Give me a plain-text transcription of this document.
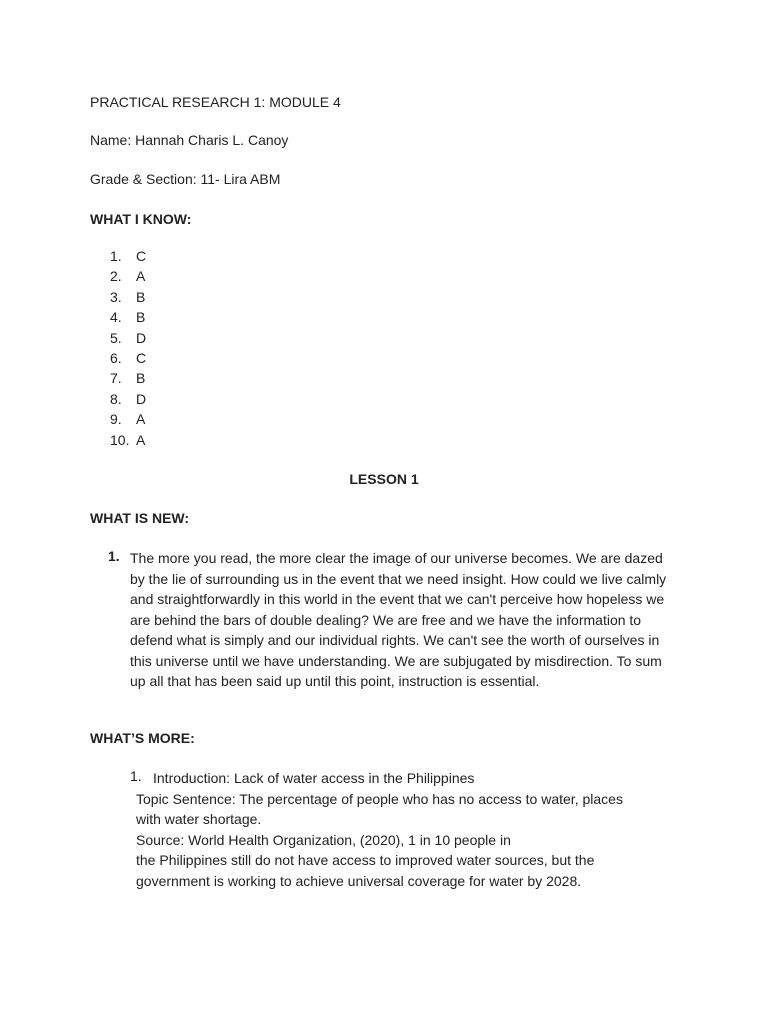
PRACTICAL RESEARCH 1: MODULE 4
Name: Hannah Charis L. Canoy
Grade & Section: 11- Lira ABM
WHAT I KNOW:
1. C
2. A
3. B
4. B
5. D
6. C
7. B
8. D
9. A
10. A
LESSON 1
WHAT IS NEW:
1. The more you read, the more clear the image of our universe becomes. We are dazed by the lie of surrounding us in the event that we need insight. How could we live calmly and straightforwardly in this world in the event that we can't perceive how hopeless we are behind the bars of double dealing? We are free and we have the information to defend what is simply and our individual rights. We can't see the worth of ourselves in this universe until we have understanding. We are subjugated by misdirection. To sum up all that has been said up until this point, instruction is essential.

WHAT’S MORE:
1. Introduction: Lack of water access in the Philippines
Topic Sentence: The percentage of people who has no access to water, places
with water shortage.
Source: World Health Organization, (2020), 1 in 10 people in
the Philippines still do not have access to improved water sources, but the
government is working to achieve universal coverage for water by 2028.
